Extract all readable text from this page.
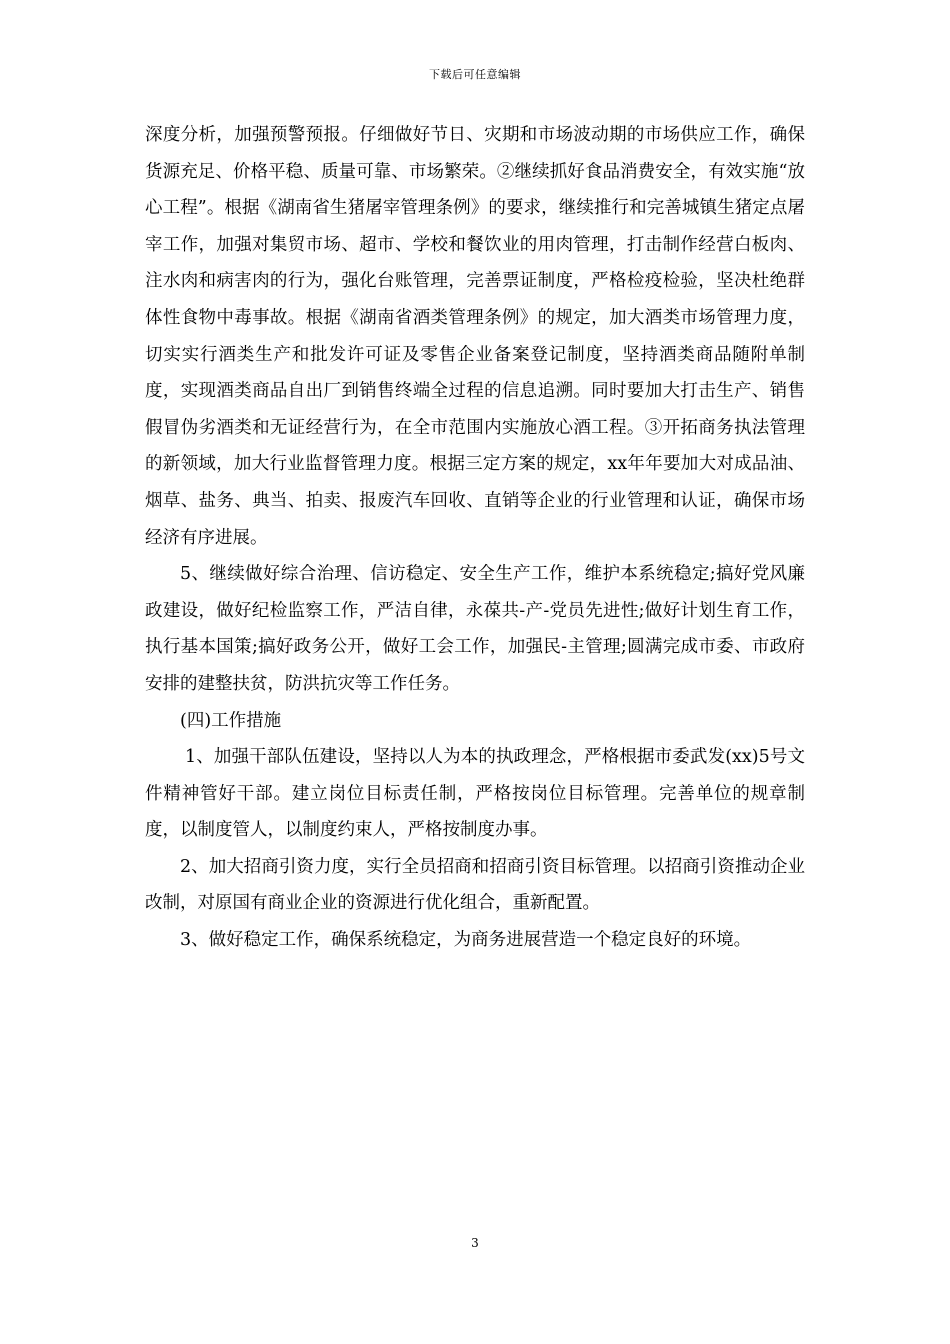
下载后可任意编辑

深度分析，加强预警预报。仔细做好节日、灾期和市场波动期的市场供应工作，确保货源充足、价格平稳、质量可靠、市场繁荣。②继续抓好食品消费安全，有效实施“放心工程”。根据《湖南省生猪屠宰管理条例》的要求，继续推行和完善城镇生猪定点屠宰工作，加强对集贸市场、超市、学校和餐饮业的用肉管理，打击制作经营白板肉、注水肉和病害肉的行为，强化台账管理，完善票证制度，严格检疫检验，坚决杜绝群体性食物中毒事故。根据《湖南省酒类管理条例》的规定，加大酒类市场管理力度，切实实行酒类生产和批发许可证及零售企业备案登记制度，坚持酒类商品随附单制度，实现酒类商品自出厂到销售终端全过程的信息追溯。同时要加大打击生产、销售假冒伪劣酒类和无证经营行为，在全市范围内实施放心酒工程。③开拓商务执法管理的新领域，加大行业监督管理力度。根据三定方案的规定，xx年年要加大对成品油、烟草、盐务、典当、拍卖、报废汽车回收、直销等企业的行业管理和认证，确保市场经济有序进展。

5、继续做好综合治理、信访稳定、安全生产工作，维护本系统稳定;搞好党风廉政建设，做好纪检监察工作，严洁自律，永葆共-产-党员先进性;做好计划生育工作，执行基本国策;搞好政务公开，做好工会工作，加强民-主管理;圆满完成市委、市政府安排的建整扶贫，防洪抗灾等工作任务。

(四)工作措施

1、加强干部队伍建设，坚持以人为本的执政理念，严格根据市委武发(xx)5号文件精神管好干部。建立岗位目标责任制，严格按岗位目标管理。完善单位的规章制度，以制度管人，以制度约束人，严格按制度办事。

2、加大招商引资力度，实行全员招商和招商引资目标管理。以招商引资推动企业改制，对原国有商业企业的资源进行优化组合，重新配置。

3、做好稳定工作，确保系统稳定，为商务进展营造一个稳定良好的环境。

3
